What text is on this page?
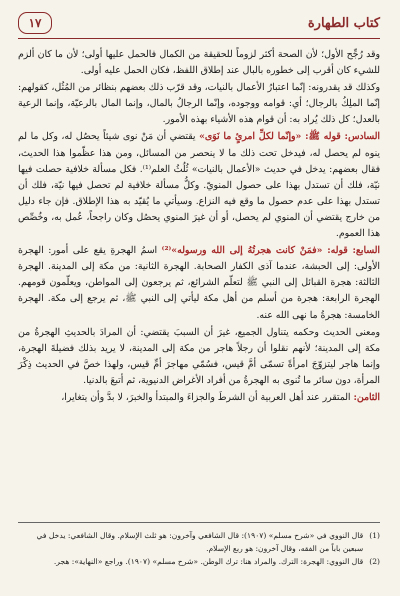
كتاب الطهارة
١٧

وقد رُجِّح الأول؛ لأن الصحة أكثر لزوماً للحقيقة من الكمال فالحمل عليها أولى؛ لأن ما كان ألزم للشيء كان أقرب إلى خطوره بالبال عند إطلاق اللفظ، فكان الحمل عليه أولى.

وكذلك قد يقدرونه: إنّما اعتبارُ الأعمال بالنيات، وقد قرّب ذلك بعضهم بنظائر من المُثُل، كقولهم: إنّما الملِكُ بالرجال؛ أي: قوامه ووجوده، وإنّما الرجالُ بالمال، وإنما المال بالرعيّة، وإنما الرعية بالعدل؛ كل ذلك يُراد به: أن قوام هذه الأشياء بهذه الأمور.

السادس: قوله ﷺ: «وإنّما لكلِّ امرئٍ ما نَوَى» يقتضي أن مَنْ نوى شيئاً يحصُل له، وكل ما لم ينوه لم يحصل له، فيدخل تحت ذلك ما لا ينحصر من المسائل، ومن هذا عظّموا هذا الحديث، فقال بعضهم: يدخل في حديث «الأعمال بالنيات» ثُلُثُ العلم⁽¹⁾. فكل مسألة خلافية حصلت فيها نيّة، فلك أن تستدل بهذا على حصول المنويّ. وكلُّ مسألة خلافية لم تحصل فيها نيّة، فلك أن تستدل بهذا على عدم حصول ما وقع فيه النزاع. وسيأتي ما يُقيّد به هذا الإطلاق. فإن جاء دليل من خارج يقتضي أن المنوي لم يحصل، أو أن غيرَ المنوي يحصُل وكان راجحاً، عُمل به، وخُصِّص هذا العموم.

السابع: قوله: «فمَنْ كانت هجرتُهُ إلى الله ورسوله»⁽²⁾ اسمُ الهجرةِ يقع على أمور: الهجرة الأولى: إلى الحبشة، عندما آذى الكفار الصحابة. الهجرة الثانية: من مكة إلى المدينة. الهجرة الثالثة: هجرة القبائل إلى النبي ﷺ لتعلّم الشرائع، ثم يرجعون إلى المواطن، ويعلّمون قومهم. الهجرة الرابعة: هجرة من أسلم من أهل مكة ليأتي إلى النبي ﷺ، ثم يرجع إلى مكة. الهجرة الخامسة: هجرةُ ما نهى الله عنه.

ومعنى الحديث وحكمه يتناول الجميع، غيرَ أن السببَ يقتضي: أن المرادَ بالحديثِ الهجرةُ من مكة إلى المدينة؛ لأنهم نقلوا أن رجلاً هاجر من مكة إلى المدينة، لا يريد بذلك فضيلةَ الهجرة، وإنما هاجر ليتزوّجَ امرأةً تسمّى أمَّ قيس، فسُمّي مهاجرَ أمِّ قيس، ولهذا خصَّ في الحديث ذِكْرَ المرأة، دون سائر ما تُنوى به الهجرةُ من أفراد الأغراض الدنيوية، ثم أتبعَ بالدنيا.

الثامن: المتقرر عند أهل العربية أن الشرطَ والجزاءَ والمبتدأ والخبرَ، لا بدَّ وأن يتغايرا،

(1)
قال النووي في «شرح مسلم» (١٩٠٧): قال الشافعي وآخرون: هو ثلث الإسلام. وقال الشافعي: يدخل في سبعين باباً من الفقه، وقال آخرون: هو ربع الإسلام.
(2)
قال النووي: الهجرة: الترك. والمراد هنا: ترك الوطن. «شرح مسلم» (١٩٠٧). وراجع «النهاية»: هجر.
